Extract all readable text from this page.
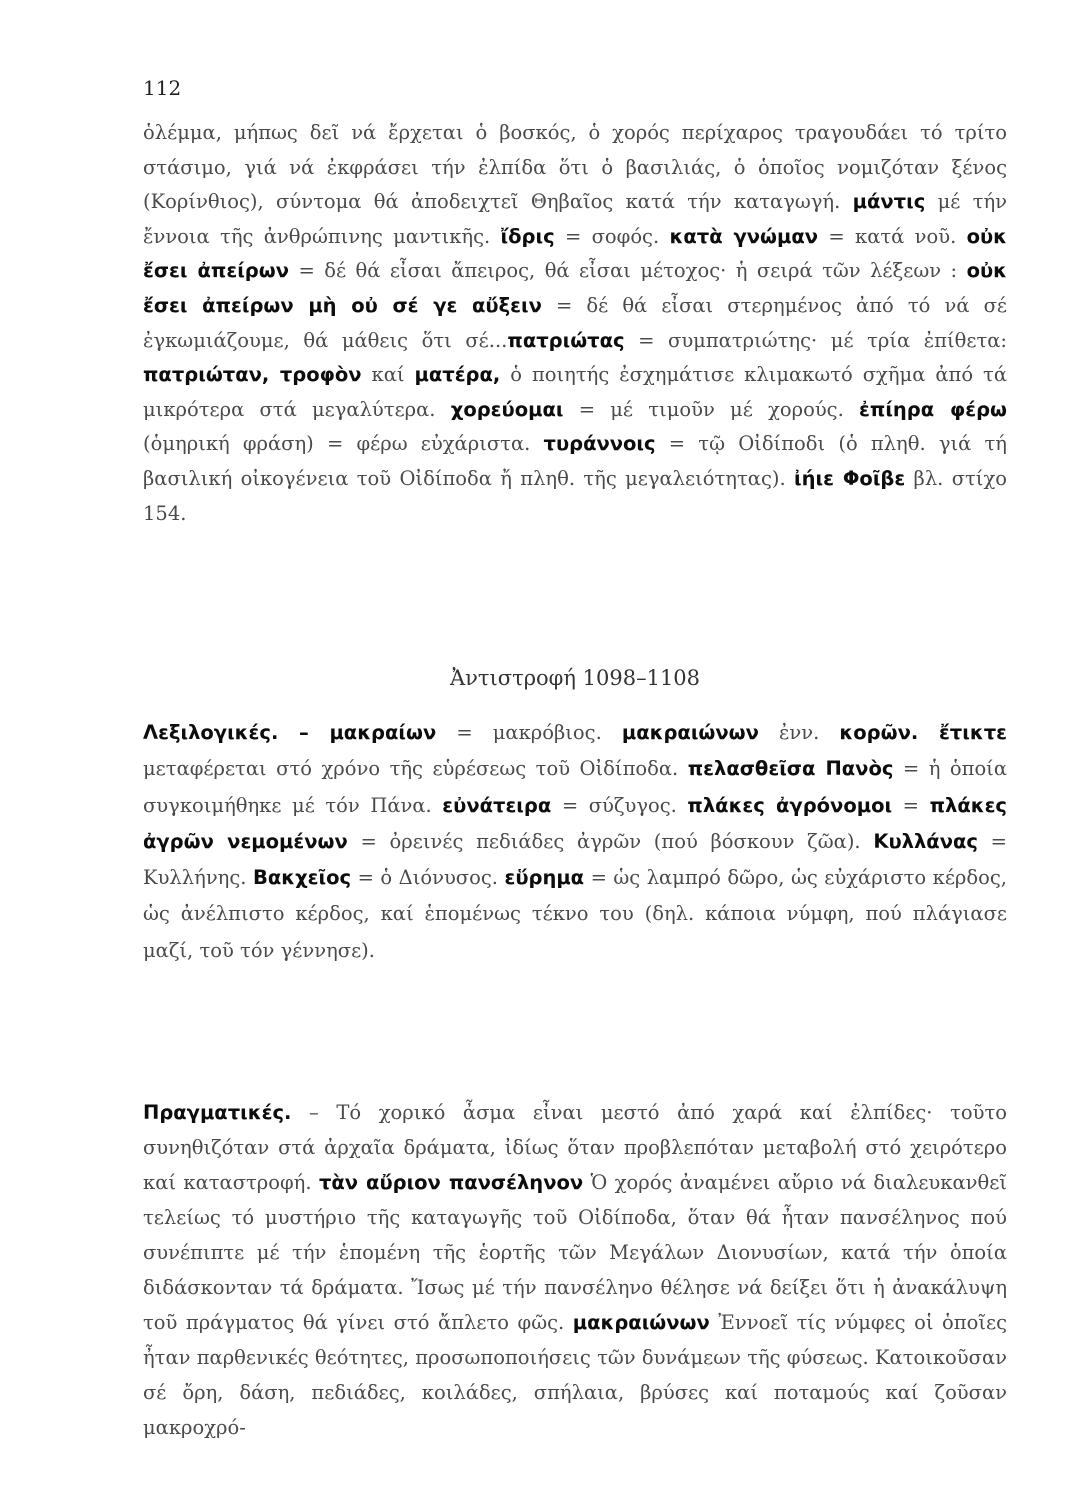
112

ὁλέμμα, μήπως δεῖ νά ἔρχεται ὁ βοσκός, ὁ χορός περίχαρος τραγουδάει τό τρίτο στάσιμο, γιά νά ἐκφράσει τήν ἐλπίδα ὅτι ὁ βασιλιάς, ὁ ὁποῖος νομιζόταν ξένος (Κορίνθιος), σύντομα θά ἀποδειχτεῖ Θηβαῖος κατά τήν καταγωγή. μάντις μέ τήν ἔννοια τῆς ἀνθρώπινης μαντικῆς. ἴδρις = σοφός. κατὰ γνώμαν = κατά νοῦ. οὐκ ἔσει ἀπείρων = δέ θά εἶσαι ἄπειρος, θά εἶσαι μέτοχος· ἡ σειρά τῶν λέξεων : οὐκ ἔσει ἀπείρων μὴ οὐ σέ γε αὔξειν = δέ θά εἶσαι στερημένος ἀπό τό νά σέ ἐγκωμιάζουμε, θά μάθεις ὅτι σέ...πατριώτας = συμπατριώτης· μέ τρία ἐπίθετα: πατριώταν, τροφὸν καί ματέρα, ὁ ποιητής ἐσχημάτισε κλιμακωτό σχῆμα ἀπό τά μικρότερα στά μεγαλύτερα. χορεύομαι = μέ τιμοῦν μέ χορούς. ἐπίηρα φέρω (ὁμηρική φράση) = φέρω εὐχάριστα. τυράννοις = τῷ Οἰδίποδι (ὁ πληθ. γιά τή βασιλική οἰκογένεια τοῦ Οἰδίποδα ἤ πληθ. τῆς μεγαλειότητας). ἰήιε Φοῖβε βλ. στίχο 154.

Ἀντιστροφή 1098–1108

Λεξιλογικές. – μακραίων = μακρόβιος. μακραιώνων ἐνν. κορῶν. ἔτικτε μεταφέρεται στό χρόνο τῆς εὑρέσεως τοῦ Οἰδίποδα. πελασθεῖσα Πανὸς = ἡ ὁποία συγκοιμήθηκε μέ τόν Πάνα. εὐνάτειρα = σύζυγος. πλάκες ἀγρόνομοι = πλάκες ἀγρῶν νεμομένων = ὀρεινές πεδιάδες ἀγρῶν (πού βόσκουν ζῶα). Κυλλάνας = Κυλλήνης. Βακχεῖος = ὁ Διόνυσος. εὕρημα = ὡς λαμπρό δῶρο, ὡς εὐχάριστο κέρδος, ὡς ἀνέλπιστο κέρδος, καί ἑπομένως τέκνο του (δηλ. κάποια νύμφη, πού πλάγιασε μαζί, τοῦ τόν γέννησε).

Πραγματικές. – Τό χορικό ἆσμα εἶναι μεστό ἀπό χαρά καί ἐλπίδες· τοῦτο συνηθιζόταν στά ἀρχαῖα δράματα, ἰδίως ὅταν προβλεπόταν μεταβολή στό χειρότερο καί καταστροφή. τὰν αὔριον πανσέληνον Ὁ χορός ἀναμένει αὔριο νά διαλευκανθεῖ τελείως τό μυστήριο τῆς καταγωγῆς τοῦ Οἰδίποδα, ὅταν θά ἦταν πανσέληνος πού συνέπιπτε μέ τήν ἑπομένη τῆς ἑορτῆς τῶν Μεγάλων Διονυσίων, κατά τήν ὁποία διδάσκονταν τά δράματα. Ἴσως μέ τήν πανσέληνο θέλησε νά δείξει ὅτι ἡ ἀνακάλυψη τοῦ πράγματος θά γίνει στό ἄπλετο φῶς. μακραιώνων Ἐννοεῖ τίς νύμφες οἱ ὁποῖες ἦταν παρθενικές θεότητες, προσωποποιήσεις τῶν δυνάμεων τῆς φύσεως. Κατοικοῦσαν σέ ὄρη, δάση, πεδιάδες, κοιλάδες, σπήλαια, βρύσες καί ποταμούς καί ζοῦσαν μακροχρό-
